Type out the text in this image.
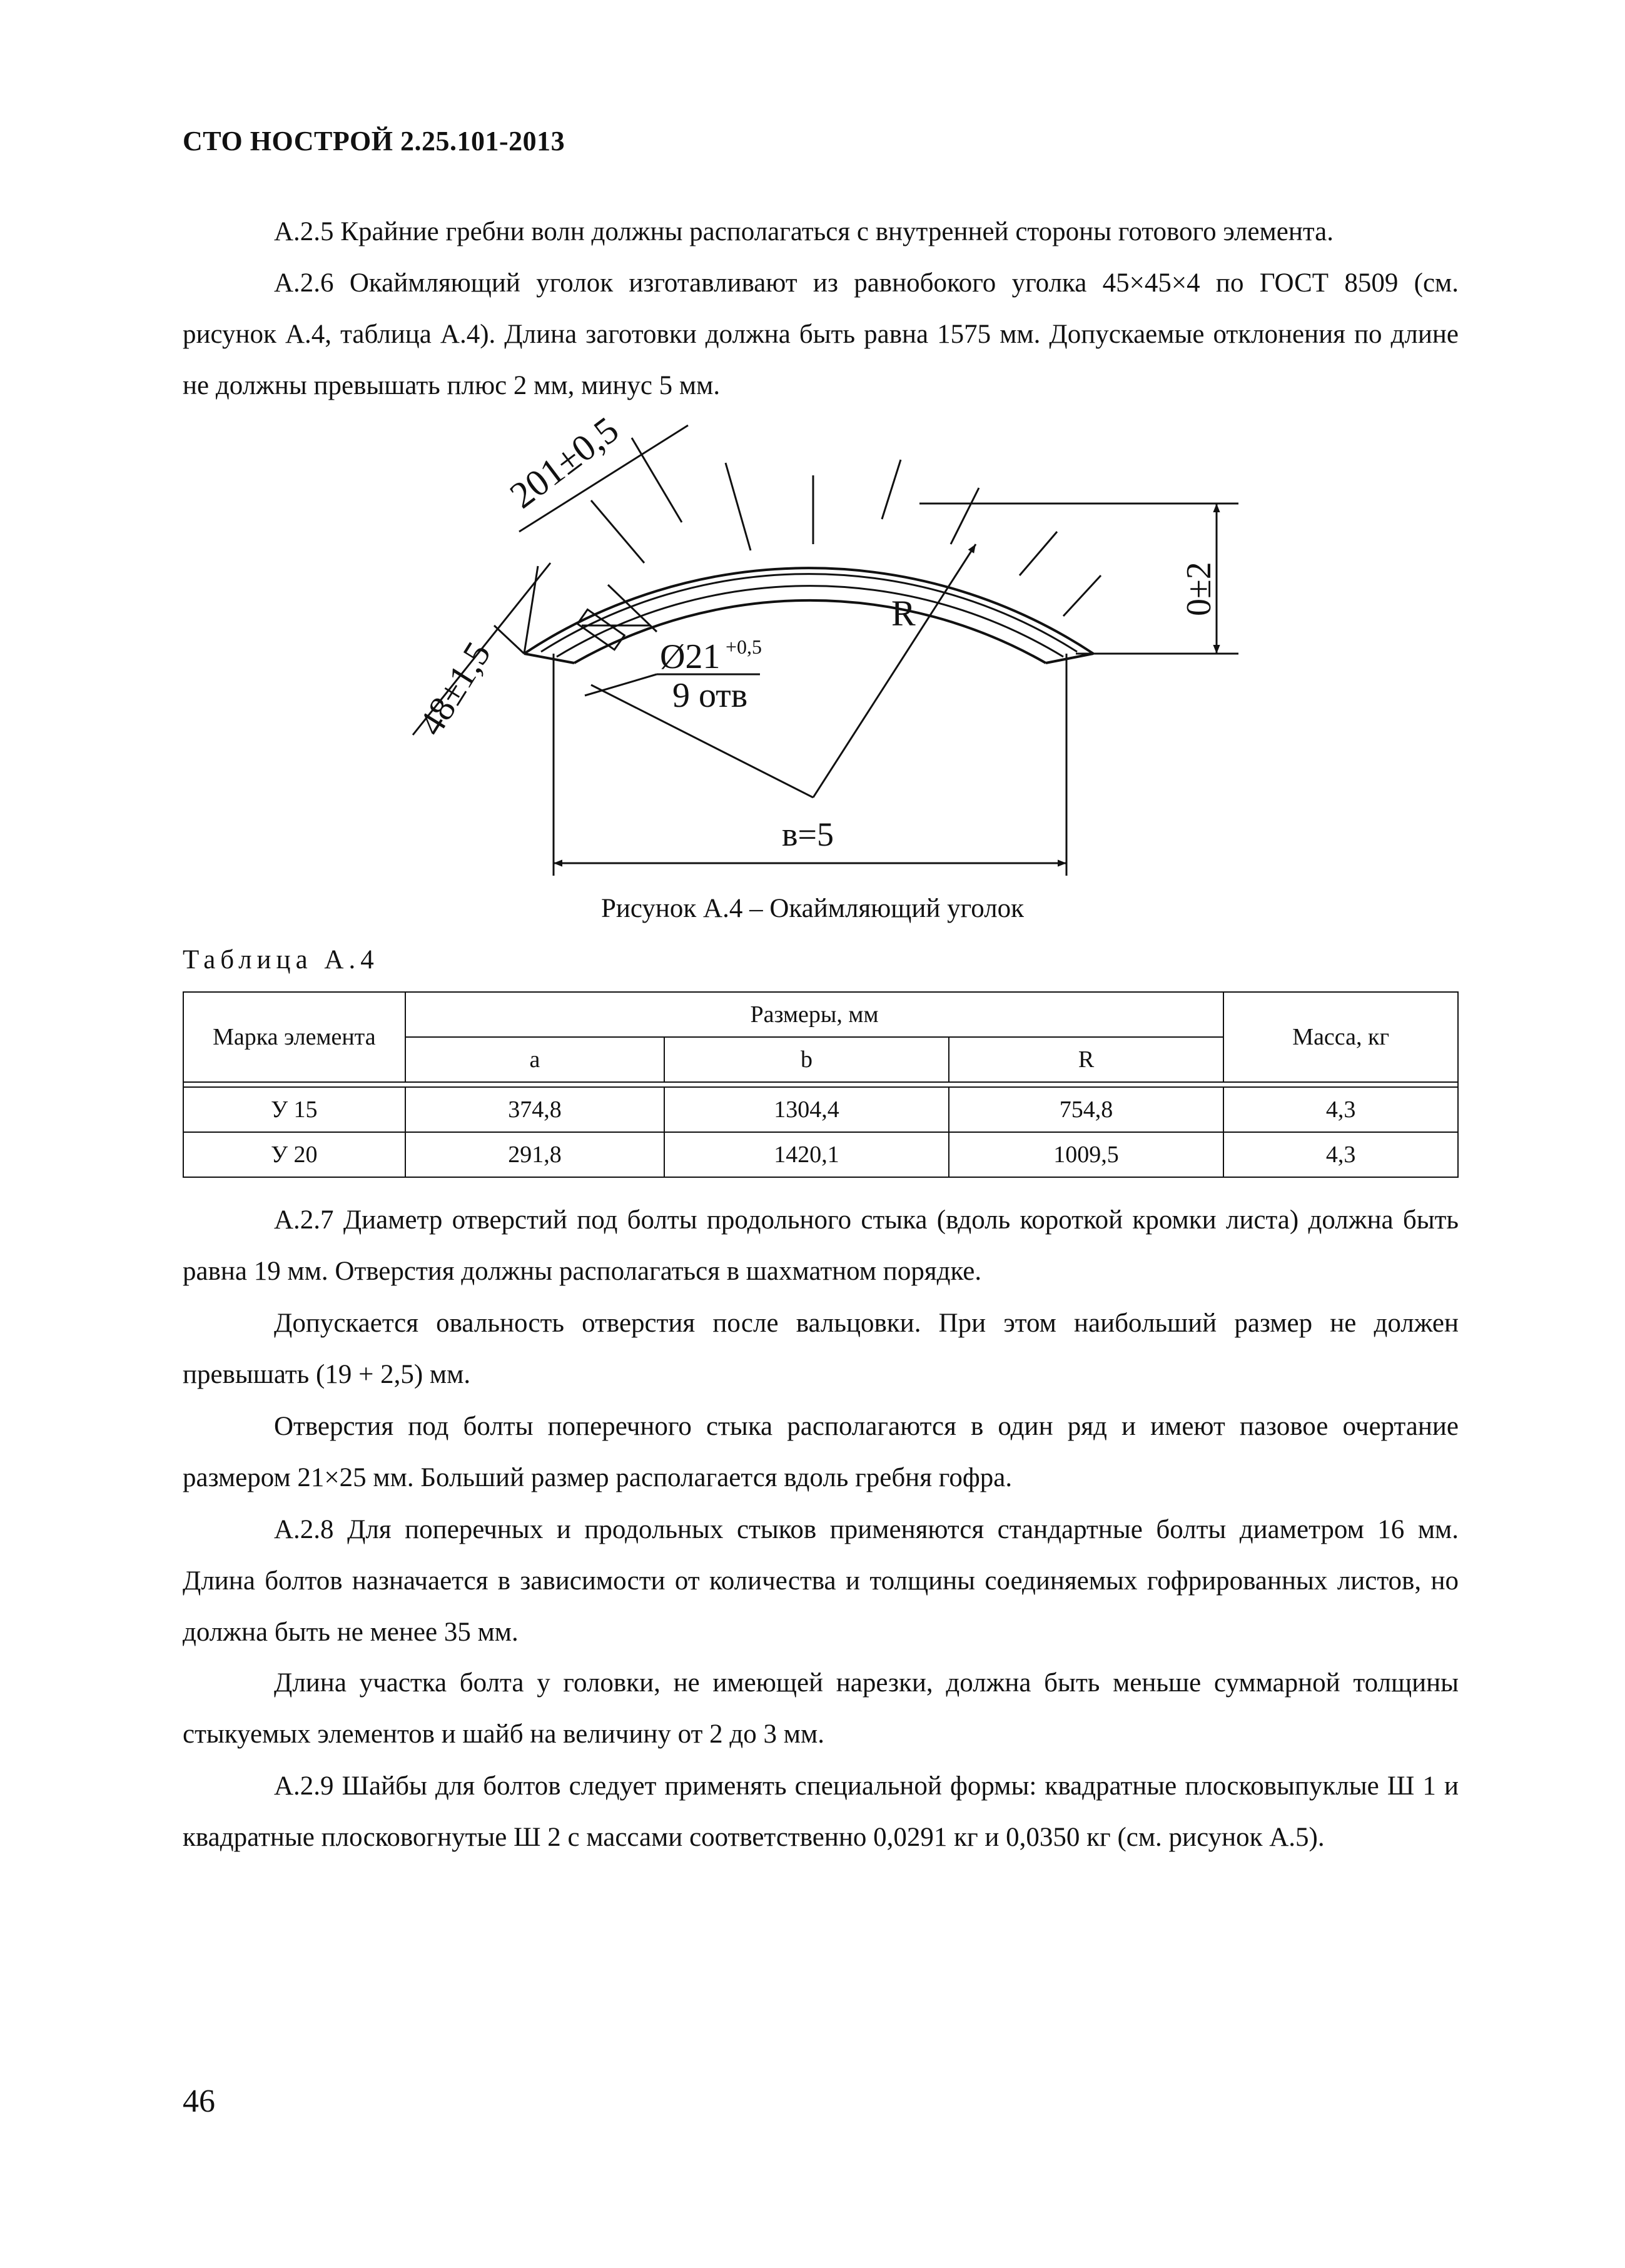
СТО НОСТРОЙ 2.25.101-2013

А.2.5 Крайние гребни волн должны располагаться с внутренней стороны готового элемента.

А.2.6 Окаймляющий уголок изготавливают из равнобокого уголка 45×45×4 по ГОСТ 8509 (см. рисунок А.4, таблица А.4). Длина заготовки должна быть равна 1575 мм. Допускаемые отклонения по длине не должны превышать плюс 2 мм, минус 5 мм.

201±0,5
48±1,5	Ø21 +0,5
9 отв
R	0±2
в=5
Рисунок А.4 – Окаймляющий уголок
Таблица А.4
Марка элемента	Размеры, мм			Масса, кг
	a	b	R	

У 15	374,8	1304,4	754,8	4,3
У 20	291,8	1420,1	1009,5	4,3

А.2.7 Диаметр отверстий под болты продольного стыка (вдоль короткой кромки листа) должна быть равна 19 мм. Отверстия должны располагаться в шахматном порядке.

Допускается овальность отверстия после вальцовки. При этом наибольший размер не должен превышать (19 + 2,5) мм.

Отверстия под болты поперечного стыка располагаются в один ряд и имеют пазовое очертание размером 21×25 мм. Больший размер располагается вдоль гребня гофра.

А.2.8 Для поперечных и продольных стыков применяются стандартные болты диаметром 16 мм. Длина болтов назначается в зависимости от количества и толщины соединяемых гофрированных листов, но должна быть не менее 35 мм.

Длина участка болта у головки, не имеющей нарезки, должна быть меньше суммарной толщины стыкуемых элементов и шайб на величину от 2 до 3 мм.

А.2.9 Шайбы для болтов следует применять специальной формы: квадратные плосковыпуклые Ш 1 и квадратные плосковогнутые Ш 2 с массами соответственно 0,0291 кг и 0,0350 кг (см. рисунок А.5).

46
